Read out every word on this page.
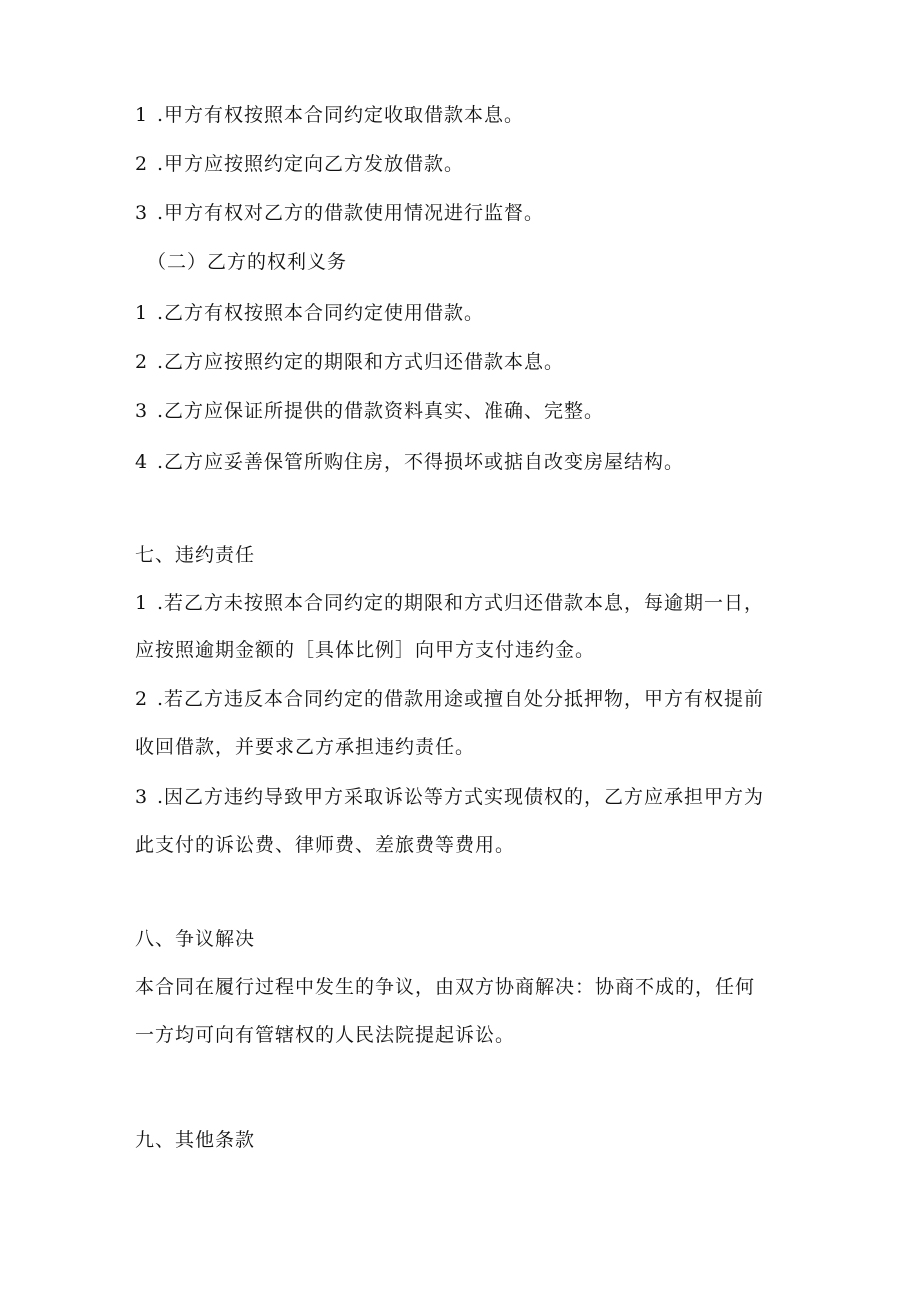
1 .甲方有权按照本合同约定收取借款本息。
2 .甲方应按照约定向乙方发放借款。
3 .甲方有权对乙方的借款使用情况进行监督。
（二）乙方的权利义务
1 .乙方有权按照本合同约定使用借款。
2 .乙方应按照约定的期限和方式归还借款本息。
3 .乙方应保证所提供的借款资料真实、准确、完整。
4 .乙方应妥善保管所购住房，不得损坏或掂自改变房屋结构。
七、违约责任
1 .若乙方未按照本合同约定的期限和方式归还借款本息，每逾期一日，
应按照逾期金额的［具体比例］向甲方支付违约金。
2 .若乙方违反本合同约定的借款用途或擅自处分抵押物，甲方有权提前
收回借款，并要求乙方承担违约责任。
3 .因乙方违约导致甲方采取诉讼等方式实现债权的，乙方应承担甲方为
此支付的诉讼费、律师费、差旅费等费用。
八、争议解决
本合同在履行过程中发生的争议，由双方协商解决：协商不成的，任何
一方均可向有管辖权的人民法院提起诉讼。
九、其他条款
